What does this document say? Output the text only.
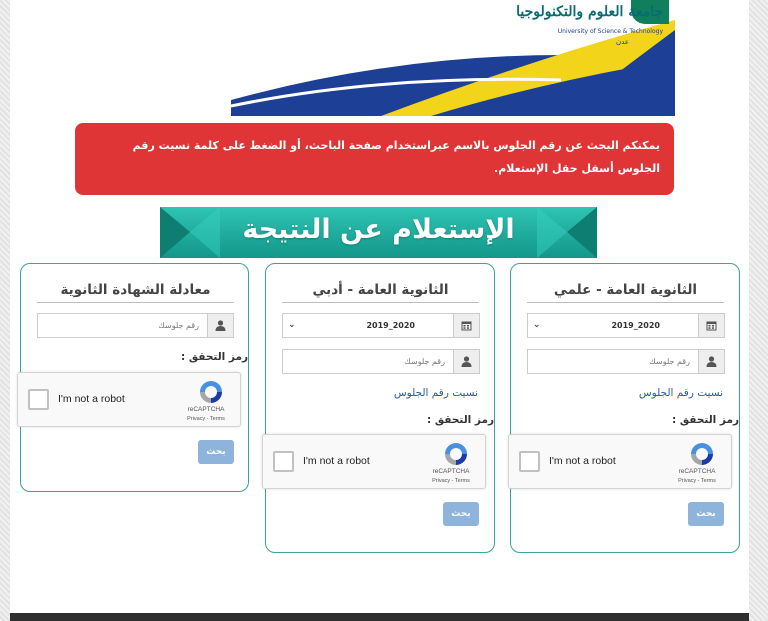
جامعة العلوم والتكنولوجيا
University of Science & Technology
عدن
يمكنكم البحث عن رقم الجلوس بالاسم عبراستخدام صفحة الباحث، أو الضغط على كلمة نسيت رقم الجلوس أسفل حقل الإستعلام.
الإستعلام عن النتيجة
الثانوية العامة - علمي
⌄	2020_2019
رقم جلوسك
نسيت رقم الجلوس
رمز التحقق :
I'm not a robot
reCAPTCHA
Privacy - Terms
بحث
الثانوية العامة - أدبي
⌄	2020_2019
رقم جلوسك
نسيت رقم الجلوس
رمز التحقق :
I'm not a robot
reCAPTCHA
Privacy - Terms
بحث
معادلة الشهادة الثانوية
رقم جلوسك
رمز التحقق :
I'm not a robot
reCAPTCHA
Privacy - Terms
بحث
